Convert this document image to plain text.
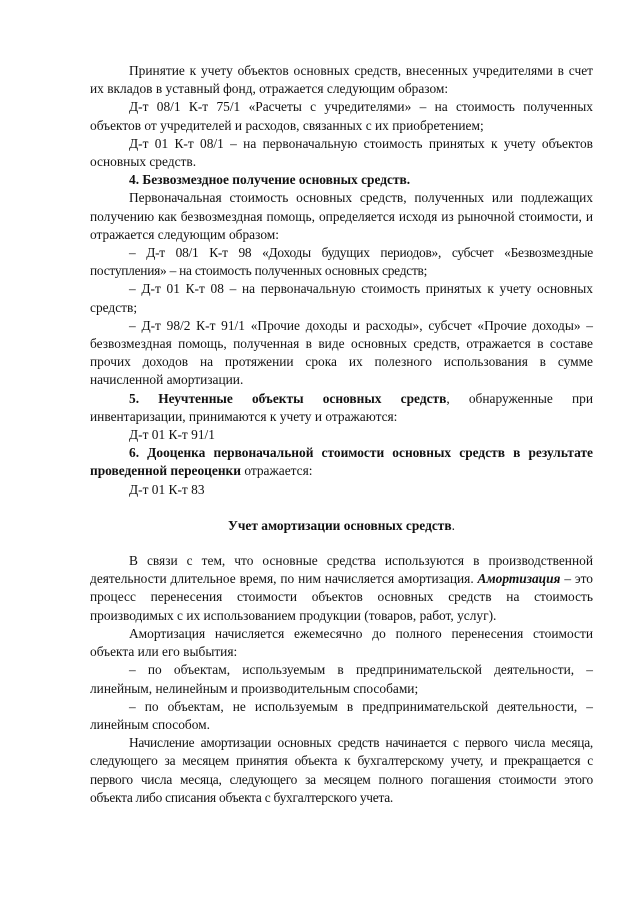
Принятие к учету объектов основных средств, внесенных учредителями в счет их вкладов в уставный фонд, отражается следующим образом:

Д-т 08/1 К-т 75/1 «Расчеты с учредителями» – на стоимость полученных объектов от учредителей и расходов, связанных с их приобретением;

Д-т 01 К-т 08/1 – на первоначальную стоимость принятых к учету объектов основных средств.

4. Безвозмездное получение основных средств.

Первоначальная стоимость основных средств, полученных или подлежащих получению как безвозмездная помощь, определяется исходя из рыночной стоимости, и отражается следующим образом:

– Д-т 08/1 К-т 98 «Доходы будущих периодов», субсчет «Безвозмездные поступления» – на стоимость полученных основных средств;

– Д-т 01 К-т 08 – на первоначальную стоимость принятых к учету основных средств;

– Д-т 98/2 К-т 91/1 «Прочие доходы и расходы», субсчет «Прочие доходы» – безвозмездная помощь, полученная в виде основных средств, отражается в составе прочих доходов на протяжении срока их полезного использования в сумме начисленной амортизации.

5. Неучтенные объекты основных средств, обнаруженные при инвентаризации, принимаются к учету и отражаются:

Д-т 01 К-т 91/1

6. Дооценка первоначальной стоимости основных средств в результате проведенной переоценки отражается:

Д-т 01 К-т 83

Учет амортизации основных средств.

В связи с тем, что основные средства используются в производственной деятельности длительное время, по ним начисляется амортизация. Амортизация – это процесс перенесения стоимости объектов основных средств на стоимость производимых с их использованием продукции (товаров, работ, услуг).

Амортизация начисляется ежемесячно до полного перенесения стоимости объекта или его выбытия:

– по объектам, используемым в предпринимательской деятельности, – линейным, нелинейным и производительным способами;

– по объектам, не используемым в предпринимательской деятельности, – линейным способом.

Начисление амортизации основных средств начинается с первого числа месяца, следующего за месяцем принятия объекта к бухгалтерскому учету, и прекращается с первого числа месяца, следующего за месяцем полного погашения стоимости этого объекта либо списания объекта с бухгалтерского учета.
